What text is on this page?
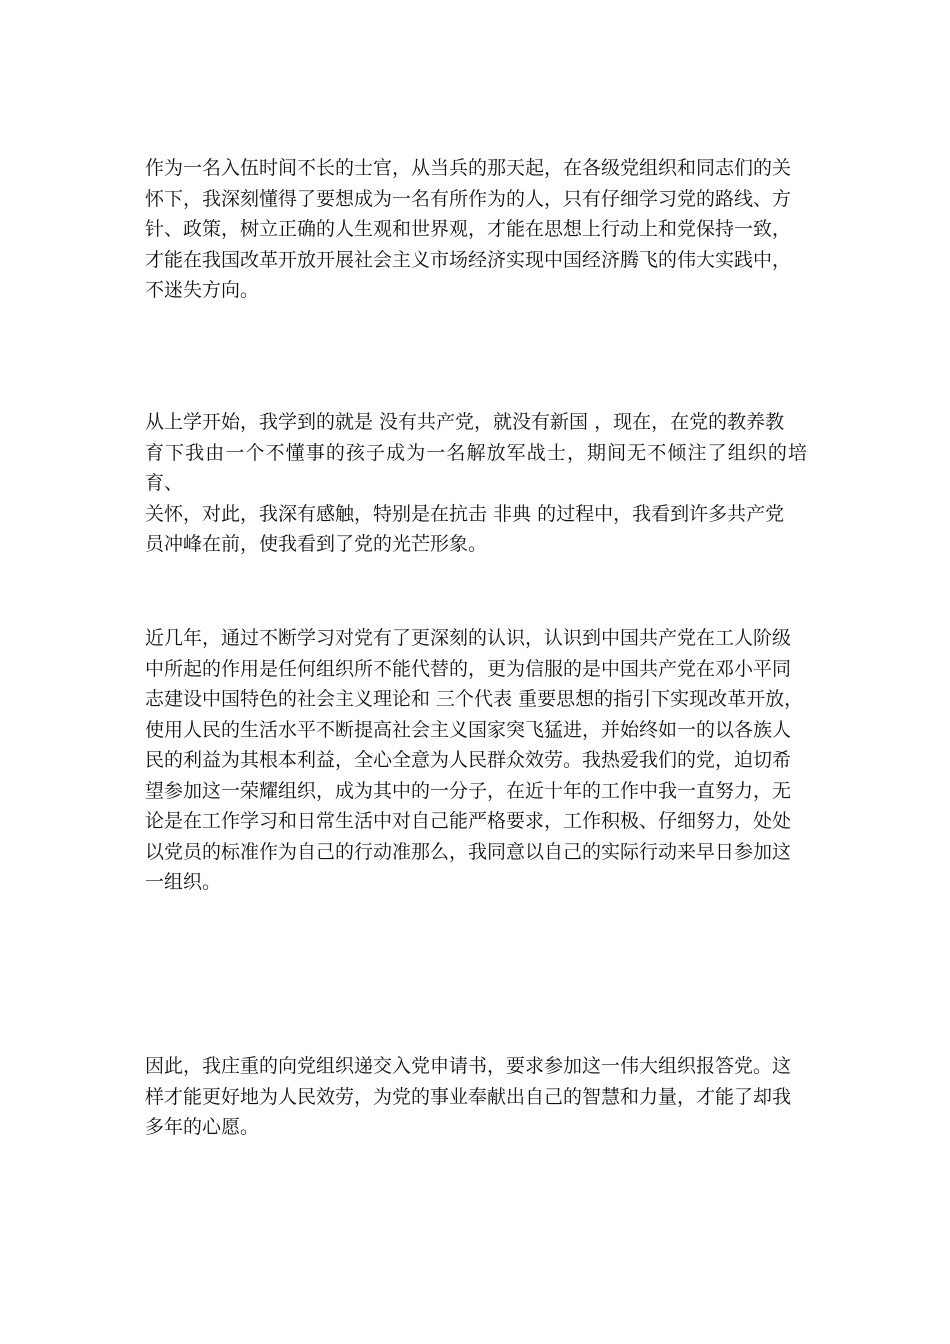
作为一名入伍时间不长的士官，从当兵的那天起，在各级党组织和同志们的关
怀下，我深刻懂得了要想成为一名有所作为的人，只有仔细学习党的路线、方
针、政策，树立正确的人生观和世界观，才能在思想上行动上和党保持一致，
才能在我国改革开放开展社会主义市场经济实现中国经济腾飞的伟大实践中，
不迷失方向。

从上学开始，我学到的就是 没有共产党，就没有新国 ，现在，在党的教养教
育下我由一个不懂事的孩子成为一名解放军战士，期间无不倾注了组织的培育、
关怀，对此，我深有感触，特别是在抗击 非典 的过程中，我看到许多共产党
员冲峰在前，使我看到了党的光芒形象。

近几年，通过不断学习对党有了更深刻的认识，认识到中国共产党在工人阶级
中所起的作用是任何组织所不能代替的，更为信服的是中国共产党在邓小平同
志建设中国特色的社会主义理论和 三个代表 重要思想的指引下实现改革开放，
使用人民的生活水平不断提高社会主义国家突飞猛进，并始终如一的以各族人
民的利益为其根本利益，全心全意为人民群众效劳。我热爱我们的党，迫切希
望参加这一荣耀组织，成为其中的一分子，在近十年的工作中我一直努力，无
论是在工作学习和日常生活中对自己能严格要求，工作积极、仔细努力，处处
以党员的标准作为自己的行动准那么，我同意以自己的实际行动来早日参加这
一组织。

因此，我庄重的向党组织递交入党申请书，要求参加这一伟大组织报答党。这
样才能更好地为人民效劳，为党的事业奉献出自己的智慧和力量，才能了却我
多年的心愿。
